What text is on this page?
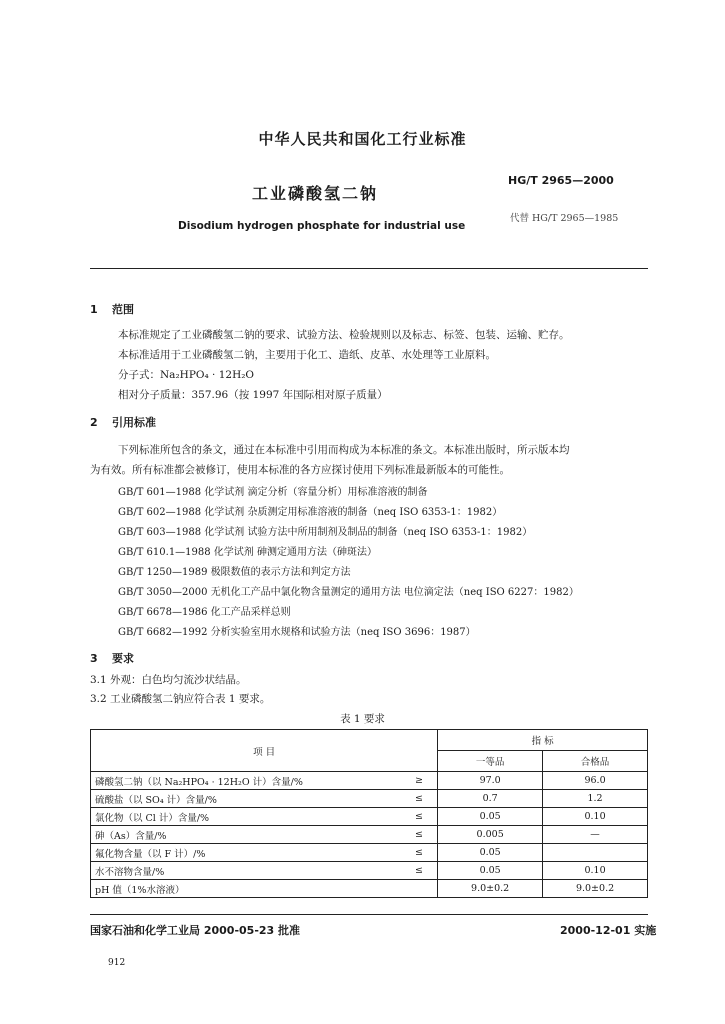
中华人民共和国化工行业标准
HG/T 2965—2000
工业磷酸氢二钠
代替 HG/T 2965—1985
Disodium hydrogen phosphate for industrial use
1 范围
本标准规定了工业磷酸氢二钠的要求、试验方法、检验规则以及标志、标签、包装、运输、贮存。
本标准适用于工业磷酸氢二钠，主要用于化工、造纸、皮革、水处理等工业原料。
分子式：Na₂HPO₄ · 12H₂O
相对分子质量：357.96（按 1997 年国际相对原子质量）
2 引用标准
下列标准所包含的条文，通过在本标准中引用而构成为本标准的条文。本标准出版时，所示版本均
为有效。所有标准都会被修订，使用本标准的各方应探讨使用下列标准最新版本的可能性。
GB/T 601—1988 化学试剂 滴定分析（容量分析）用标准溶液的制备
GB/T 602—1988 化学试剂 杂质测定用标准溶液的制备（neq ISO 6353-1：1982）
GB/T 603—1988 化学试剂 试验方法中所用制剂及制品的制备（neq ISO 6353-1：1982）
GB/T 610.1—1988 化学试剂 砷测定通用方法（砷斑法）
GB/T 1250—1989 极限数值的表示方法和判定方法
GB/T 3050—2000 无机化工产品中氯化物含量测定的通用方法 电位滴定法（neq ISO 6227：1982）
GB/T 6678—1986 化工产品采样总则
GB/T 6682—1992 分析实验室用水规格和试验方法（neq ISO 3696：1987）
3 要求
3.1 外观：白色均匀流沙状结晶。
3.2 工业磷酸氢二钠应符合表 1 要求。
表 1 要求
项 目		指 标	
		一等品	合格品
磷酸氢二钠（以 Na₂HPO₄ · 12H₂O 计）含量/%	≥	97.0	96.0
硫酸盐（以 SO₄ 计）含量/%	≤	0.7	1.2
氯化物（以 Cl 计）含量/%	≤	0.05	0.10
砷（As）含量/%	≤	0.005	—
氟化物含量（以 F 计）/%	≤	0.05	
水不溶物含量/%	≤	0.05	0.10
pH 值（1%水溶液）		9.0±0.2	9.0±0.2
国家石油和化学工业局 2000-05-23 批准	2000-12-01 实施
912
